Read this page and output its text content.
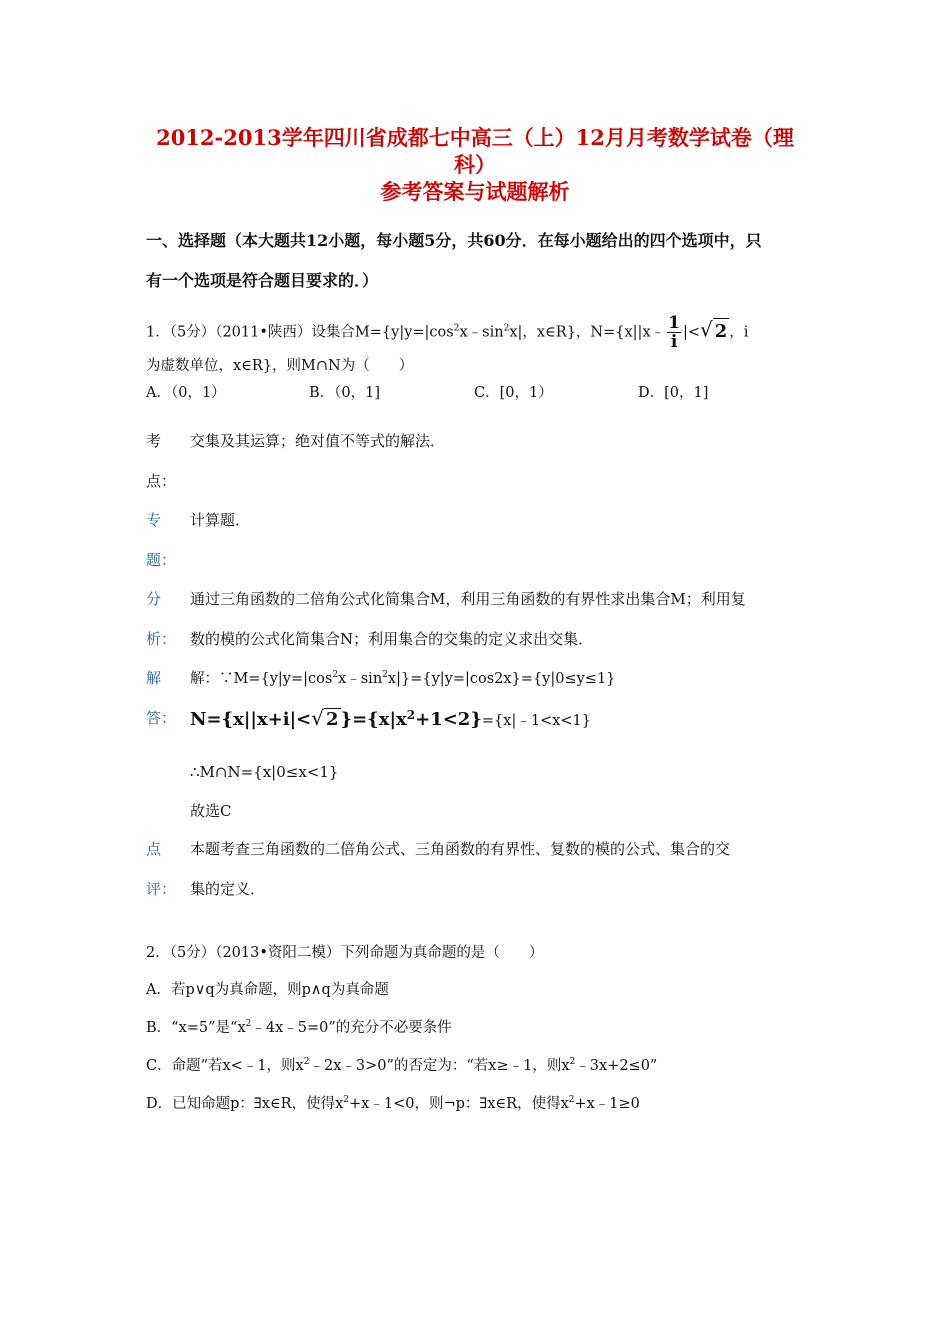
2012-2013学年四川省成都七中高三（上）12月月考数学试卷（理
科）
参考答案与试题解析
一、选择题（本大题共12小题，每小题5分，共60分．在每小题给出的四个选项中，只
有一个选项是符合题目要求的．）
1．（5分）（2011•陕西）设集合$M=\{y|y=|\cos^2x﹣\sin^2x|$，x∈R}，N={x||x﹣ $\frac{1}{i}$ |<√ 2 ，i
为虚数单位，x∈R}，则M∩N为（　　）
A．（0，1）	B．（0，1]	C．[0，1）	D．[0，1]
考
点：
交集及其运算；绝对值不等式的解法．
专
题：
计算题．
分
析：
通过三角函数的二倍角公式化简集合M，利用三角函数的有界性求出集合M；利用复
数的模的公式化简集合N；利用集合的交集的定义求出交集．
解
答：
解：$\because M=\{y|y=|\cos^2x﹣\sin^2x|\}=\{y|y=|\cos 2x\}=\{y|0\le y\le 1\}$
N={x||x+i|<√ 2 }$=\{x|x^2+1<2\}=\{x|﹣1<x<1\}$
∴M∩N={x|0≤x<1}
故选C
点
评：
本题考查三角函数的二倍角公式、三角函数的有界性、复数的模的公式、集合的交
集的定义．
2．（5分）（2013•资阳二模）下列命题为真命题的是（　　）
A．若p∨q为真命题，则p∧q为真命题
B．“x=5”是“$x^2﹣4x﹣5=0$”的充分不必要条件
C．命题“若x<﹣1，则$x^2﹣2x﹣3>0$”的否定为：“若x≥﹣1，则$x^2﹣3x+2\le 0$”
D．已知命题p：∃x∈R，使得$x^2+x﹣1<0$，则¬p：∃x∈R，使得$x^2+x﹣1\ge 0$
